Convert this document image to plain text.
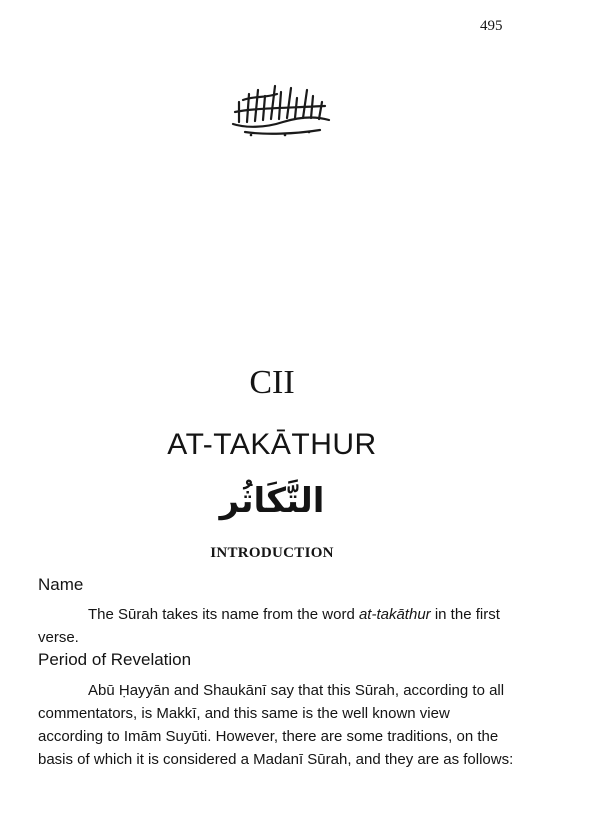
495
CII
AT-TAKĀTHUR
التَّكَاثُر
INTRODUCTION
Name
The Sūrah takes its name from the word at-takāthur in the first
verse.
Period of Revelation
Abū Ḥayyān and Shaukānī say that this Sūrah, according to all
commentators, is Makkī, and this same is the well known view
according to Imām Suyūti. However, there are some traditions, on the
basis of which it is considered a Madanī Sūrah, and they are as follows:
